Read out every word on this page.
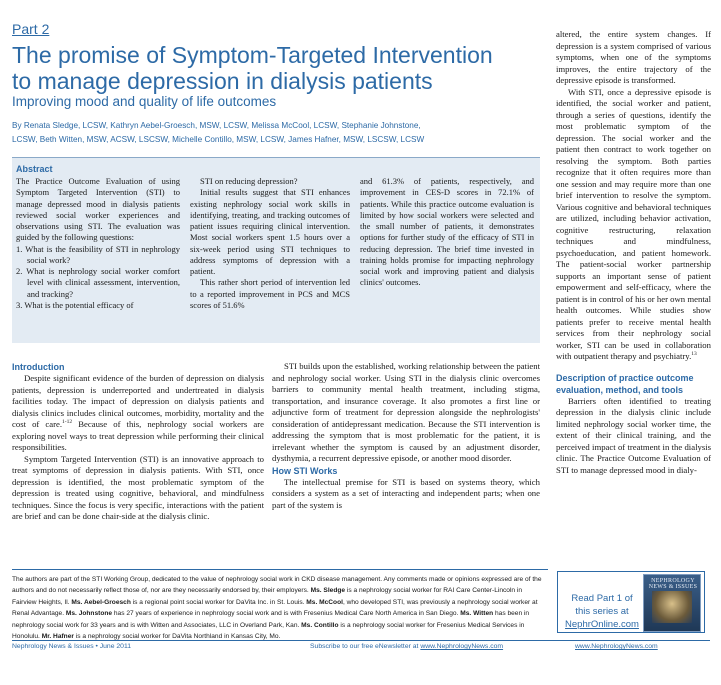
Part 2
The promise of Symptom-Targeted Intervention
to manage depression in dialysis patients
Improving mood and quality of life outcomes
By Renata Sledge, LCSW, Kathryn Aebel-Groesch, MSW, LCSW, Melissa McCool, LCSW, Stephanie Johnstone,
LCSW, Beth Witten, MSW, ACSW, LSCSW, Michelle Contillo, MSW, LCSW, James Hafner, MSW, LSCSW, LCSW
Abstract

The Practice Outcome Evaluation of using Symptom Targeted Intervention (STI) to manage depressed mood in dialysis patients reviewed social worker experiences and observations using STI. The evaluation was guided by the following questions:

1. What is the feasibility of STI in nephrology social work?

2. What is nephrology social worker comfort level with clinical assessment, intervention, and tracking?

3. What is the potential efficacy of

STI on reducing depression?

Initial results suggest that STI enhances existing nephrology social work skills in identifying, treating, and tracking outcomes of patient issues requiring clinical intervention. Most social workers spent 1.5 hours over a six-week period using STI techniques to address symptoms of depression with a patient.

This rather short period of intervention led to a reported improvement in PCS and MCS scores of 51.6%

and 61.3% of patients, respectively, and improvement in CES-D scores in 72.1% of patients. While this practice outcome evaluation is limited by how social workers were selected and the small number of patients, it demonstrates options for further study of the efficacy of STI in reducing depression. The brief time invested in training holds promise for impacting nephrology social work and improving patient and dialysis clinics' outcomes.

Introduction

Despite significant evidence of the burden of depression on dialysis patients, depression is underreported and undertreated in dialysis facilities today. The impact of depression on dialysis patients and dialysis clinics includes clinical outcomes, morbidity, mortality and the cost of care.$^{1-12}$ Because of this, nephrology social workers are exploring novel ways to treat depression while performing their clinical responsibilities.

Symptom Targeted Intervention (STI) is an innovative approach to treat symptoms of depression in dialysis patients. With STI, once depression is identified, the most problematic symptom of the depression is treated using cognitive, behavioral, and mindfulness techniques. Since the focus is very specific, interactions with the patient are brief and can be done chair-side at the dialysis clinic.

STI builds upon the established, working relationship between the patient and nephrology social worker. Using STI in the dialysis clinic overcomes barriers to community mental health treatment, including stigma, transportation, and insurance coverage. It also promotes a first line or adjunctive form of treatment for depression alongside the nephrologists' consideration of antidepressant medication. Because the STI intervention is addressing the symptom that is most problematic for the patient, it is irrelevant whether the symptom is caused by an adjustment disorder, dysthymia, a recurrent depressive episode, or another mood disorder.

How STI Works

The intellectual premise for STI is based on systems theory, which considers a system as a set of interacting and independent parts; when one part of the system is

altered, the entire system changes. If depression is a system comprised of various symptoms, when one of the symptoms improves, the entire trajectory of the depressive episode is transformed.

With STI, once a depressive episode is identified, the social worker and patient, through a series of questions, identify the most problematic symptom of the depression. The social worker and the patient then contract to work together on resolving the symptom. Both parties recognize that it often requires more than one session and may require more than one brief intervention to resolve the symptom. Various cognitive and behavioral techniques are utilized, including behavior activation, cognitive restructuring, relaxation techniques and mindfulness, psychoeducation, and patient homework. The patient-social worker partnership supports an important sense of patient empowerment and self-efficacy, where the patient is in control of his or her own mental health outcomes. While studies show patients prefer to receive mental health services from their nephrology social worker, STI can be used in collaboration with outpatient therapy and psychiatry.$^{13}$

Description of practice outcome
evaluation, method, and tools

Barriers often identified to treating depression in the dialysis clinic include limited nephrology social worker time, the extent of their clinical training, and the perceived impact of treatment in the dialysis clinic. The Practice Outcome Evaluation of STI to manage depressed mood in dialy-

The authors are part of the STI Working Group, dedicated to the value of nephrology social work in CKD disease management. Any comments made or opinions expressed are of the authors and do not necessarily reflect those of, nor are they necessarily endorsed by, their employers. Ms. Sledge is a nephrology social worker for RAI Care Center-Lincoln in Fairview Heights, Il. Ms. Aebel-Groesch is a regional point social worker for DaVita Inc. in St. Louis. Ms. McCool, who developed STI, was previously a nephrology social worker at Renal Advantage. Ms. Johnstone has 27 years of experience in nephrology social work and is with Fresenius Medical Care North America in San Diego. Ms. Witten has been in nephrology social work for 33 years and is with Witten and Associates, LLC in Overland Park, Kan. Ms. Contillo is a nephrology social worker for Fresenius Medical Services in Honolulu. Mr. Hafner is a nephrology social worker for DaVita Northland in Kansas City, Mo.
Read Part 1 of
this series at
NephrOnline.com
NEPHROLOGY NEWS & ISSUES
Nephrology News & Issues • June 2011	Subscribe to our free eNewsletter at www.NephrologyNews.com	www.NephrologyNews.com
